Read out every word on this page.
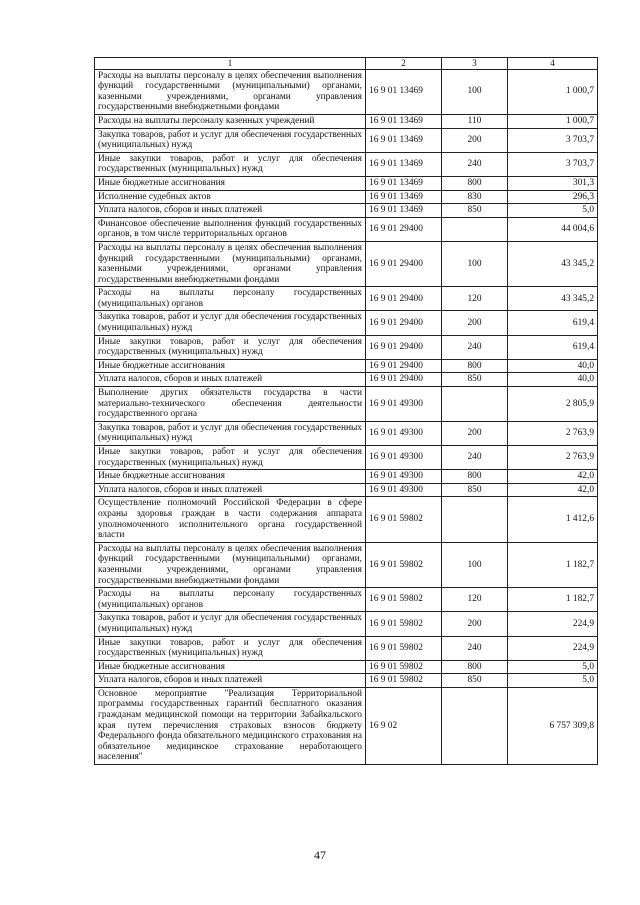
1	2	3	4
Расходы на выплаты персоналу в целях обеспечения выполнения функций государственными (муниципальными) органами, казенными учреждениями, органами управления государственными внебюджетными фондами	16 9 01 13469	100	1 000,7
Расходы на выплаты персоналу казенных учреждений	16 9 01 13469	110	1 000,7
Закупка товаров, работ и услуг для обеспечения государственных (муниципальных) нужд	16 9 01 13469	200	3 703,7
Иные закупки товаров, работ и услуг для обеспечения государственных (муниципальных) нужд	16 9 01 13469	240	3 703,7
Иные бюджетные ассигнования	16 9 01 13469	800	301,3
Исполнение судебных актов	16 9 01 13469	830	296,3
Уплата налогов, сборов и иных платежей	16 9 01 13469	850	5,0
Финансовое обеспечение выполнения функций государственных органов, в том числе территориальных органов	16 9 01 29400		44 004,6
Расходы на выплаты персоналу в целях обеспечения выполнения функций государственными (муниципальными) органами, казенными учреждениями, органами управления государственными внебюджетными фондами	16 9 01 29400	100	43 345,2
Расходы на выплаты персоналу государственных (муниципальных) органов	16 9 01 29400	120	43 345,2
Закупка товаров, работ и услуг для обеспечения государственных (муниципальных) нужд	16 9 01 29400	200	619,4
Иные закупки товаров, работ и услуг для обеспечения государственных (муниципальных) нужд	16 9 01 29400	240	619,4
Иные бюджетные ассигнования	16 9 01 29400	800	40,0
Уплата налогов, сборов и иных платежей	16 9 01 29400	850	40,0
Выполнение других обязательств государства в части материально-технического обеспечения деятельности государственного органа	16 9 01 49300		2 805,9
Закупка товаров, работ и услуг для обеспечения государственных (муниципальных) нужд	16 9 01 49300	200	2 763,9
Иные закупки товаров, работ и услуг для обеспечения государственных (муниципальных) нужд	16 9 01 49300	240	2 763,9
Иные бюджетные ассигнования	16 9 01 49300	800	42,0
Уплата налогов, сборов и иных платежей	16 9 01 49300	850	42,0
Осуществление полномочий Российской Федерации в сфере охраны здоровья граждан в части содержания аппарата уполномоченного исполнительного органа государственной власти	16 9 01 59802		1 412,6
Расходы на выплаты персоналу в целях обеспечения выполнения функций государственными (муниципальными) органами, казенными учреждениями, органами управления государственными внебюджетными фондами	16 9 01 59802	100	1 182,7
Расходы на выплаты персоналу государственных (муниципальных) органов	16 9 01 59802	120	1 182,7
Закупка товаров, работ и услуг для обеспечения государственных (муниципальных) нужд	16 9 01 59802	200	224,9
Иные закупки товаров, работ и услуг для обеспечения государственных (муниципальных) нужд	16 9 01 59802	240	224,9
Иные бюджетные ассигнования	16 9 01 59802	800	5,0
Уплата налогов, сборов и иных платежей	16 9 01 59802	850	5,0
Основное мероприятие "Реализация Территориальной программы государственных гарантий бесплатного оказания гражданам медицинской помощи на территории Забайкальского края путем перечисления страховых взносов бюджету Федерального фонда обязательного медицинского страхования на обязательное медицинское страхование неработающего населения"	16 9 02		6 757 309,8
47
